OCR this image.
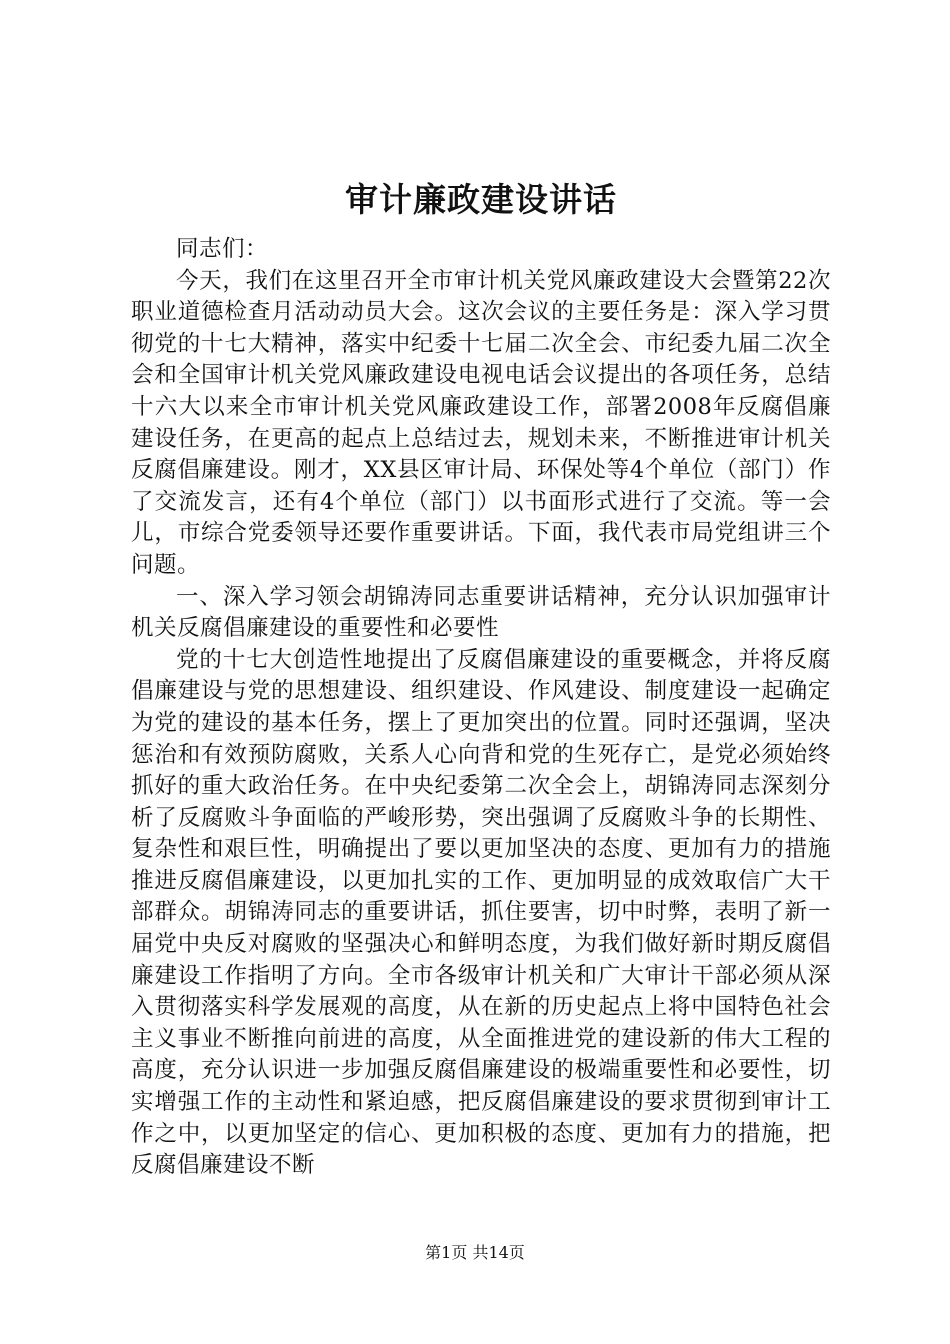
审计廉政建设讲话

同志们：

今天，我们在这里召开全市审计机关党风廉政建设大会暨第22次职业道德检查月活动动员大会。这次会议的主要任务是：深入学习贯彻党的十七大精神，落实中纪委十七届二次全会、市纪委九届二次全会和全国审计机关党风廉政建设电视电话会议提出的各项任务，总结十六大以来全市审计机关党风廉政建设工作，部署2008年反腐倡廉建设任务，在更高的起点上总结过去，规划未来，不断推进审计机关反腐倡廉建设。刚才，XX县区审计局、环保处等4个单位（部门）作了交流发言，还有4个单位（部门）以书面形式进行了交流。等一会儿，市综合党委领导还要作重要讲话。下面，我代表市局党组讲三个问题。

一、深入学习领会胡锦涛同志重要讲话精神，充分认识加强审计机关反腐倡廉建设的重要性和必要性

党的十七大创造性地提出了反腐倡廉建设的重要概念，并将反腐倡廉建设与党的思想建设、组织建设、作风建设、制度建设一起确定为党的建设的基本任务，摆上了更加突出的位置。同时还强调，坚决惩治和有效预防腐败，关系人心向背和党的生死存亡，是党必须始终抓好的重大政治任务。在中央纪委第二次全会上，胡锦涛同志深刻分析了反腐败斗争面临的严峻形势，突出强调了反腐败斗争的长期性、复杂性和艰巨性，明确提出了要以更加坚决的态度、更加有力的措施推进反腐倡廉建设，以更加扎实的工作、更加明显的成效取信广大干部群众。胡锦涛同志的重要讲话，抓住要害，切中时弊，表明了新一届党中央反对腐败的坚强决心和鲜明态度，为我们做好新时期反腐倡廉建设工作指明了方向。全市各级审计机关和广大审计干部必须从深入贯彻落实科学发展观的高度，从在新的历史起点上将中国特色社会主义事业不断推向前进的高度，从全面推进党的建设新的伟大工程的高度，充分认识进一步加强反腐倡廉建设的极端重要性和必要性，切实增强工作的主动性和紧迫感，把反腐倡廉建设的要求贯彻到审计工作之中，以更加坚定的信心、更加积极的态度、更加有力的措施，把反腐倡廉建设不断

第1页 共14页
